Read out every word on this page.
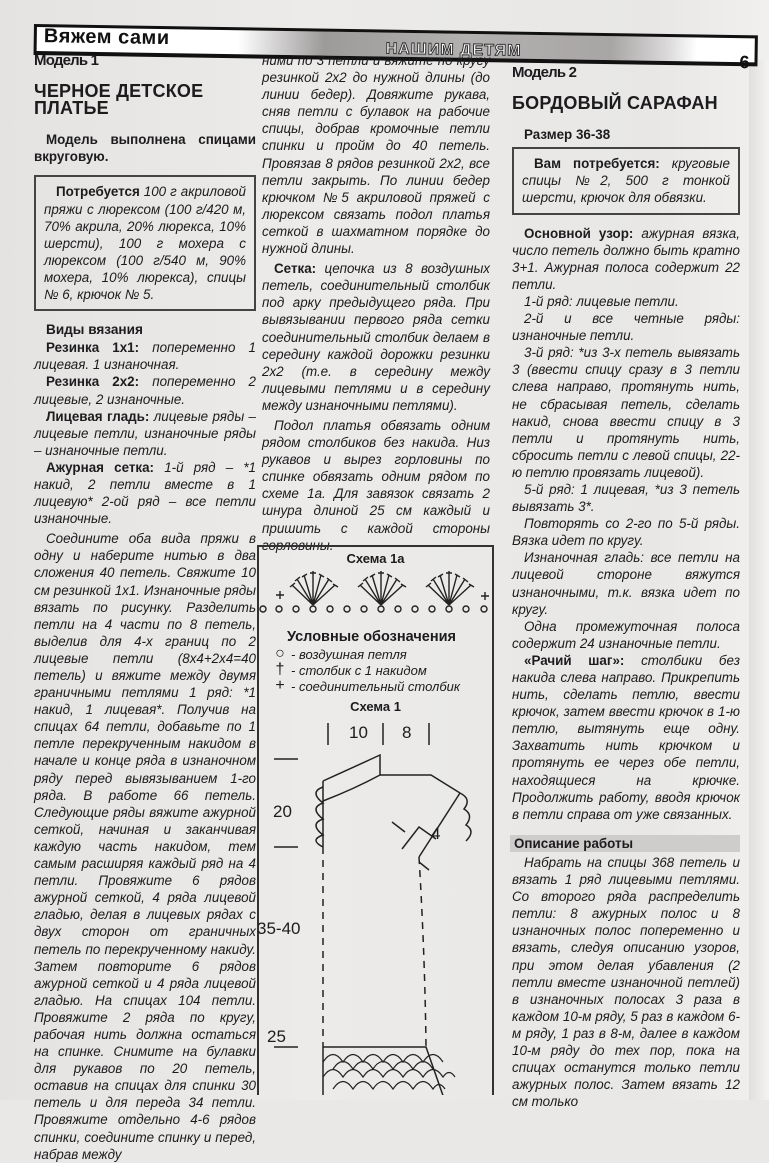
Вяжем сами
НАШИМ ДЕТЯМ
6
Модель 1
ЧЕРНОЕ ДЕТСКОЕ ПЛАТЬЕ

Модель выполнена спицами вкруговую.

Потребуется 100 г акриловой пряжи с люрексом (100 г/420 м, 70% акрила, 20% люрекса, 10% шерсти), 100 г мохера с люрексом (100 г/540 м, 90% мохера, 10% люрекса), спицы № 6, крючок № 5.

Виды вязания

Резинка 1х1: попеременно 1 лицевая. 1 изнаночная.

Резинка 2х2: попеременно 2 лицевые, 2 изнаночные.

Лицевая гладь: лицевые ряды – лицевые петли, изнаночные ряды – изнаночные петли.

Ажурная сетка: 1-й ряд – *1 накид, 2 петли вместе в 1 лицевую* 2-ой ряд – все петли изнаночные.

Соедините оба вида пряжи в одну и наберите нитью в два сложения 40 петель. Свяжите 10 см резинкой 1х1. Изнаночные ряды вязать по рисунку. Разделить петли на 4 части по 8 петель, выделив для 4-х границ по 2 лицевые петли (8х4+2х4=40 петель) и вяжите между двумя граничными петлями 1 ряд: *1 накид, 1 лицевая*. Получив на спицах 64 петли, добавьте по 1 петле перекрученным накидом в начале и конце ряда в изнаночном ряду перед вывязыванием 1-го ряда. В работе 66 петель. Следующие ряды вяжите ажурной сеткой, начиная и заканчивая каждую часть накидом, тем самым расширяя каждый ряд на 4 петли. Провяжите 6 рядов ажурной сеткой, 4 ряда лицевой гладью, делая в лицевых рядах с двух сторон от граничных петель по перекрученному накиду. Затем повторите 6 рядов ажурной сеткой и 4 ряда лицевой гладью. На спицах 104 петли. Провяжите 2 ряда по кругу, рабочая нить должна остаться на спинке. Снимите на булавки для рукавов по 20 петель, оставив на спицах для спинки 30 петель и для переда 34 петли. Провяжите отдельно 4-6 рядов спинки, соедините спинку и перед, набрав между

ними по 3 петли и вяжите по кругу резинкой 2х2 до нужной длины (до линии бедер). Довяжите рукава, сняв петли с булавок на рабочие спицы, добрав кромочные петли спинки и пройм до 40 петель. Провязав 8 рядов резинкой 2х2, все петли закрыть. По линии бедер крючком №5 акриловой пряжей с люрексом связать подол платья сеткой в шахматном порядке до нужной длины.

Сетка: цепочка из 8 воздушных петель, соединительный столбик под арку предыдущего ряда. При вывязывании первого ряда сетки соединительный столбик делаем в середину каждой дорожки резинки 2х2 (т.е. в середину между лицевыми петлями и в середину между изнаночными петлями).

Подол платья обвязать одним рядом столбиков без накида. Низ рукавов и вырез горловины по спинке обвязать одним рядом по схеме 1а. Для завязок связать 2 шнура длиной 25 см каждый и пришить с каждой стороны горловины.

Схема 1а
Условные обозначения
○ - воздушная петля
† - столбик с 1 накидом
+ - соединительный столбик
Схема 1
10 8
20
4
35-40
25
Модель 2
БОРДОВЫЙ САРАФАН
Размер 36-38

Вам потребуется: круговые спицы №2, 500 г тонкой шерсти, крючок для обвязки.

Основной узор: ажурная вязка, число петель должно быть кратно 3+1. Ажурная полоса содержит 22 петли.

1-й ряд: лицевые петли.

2-й и все четные ряды: изнаночные петли.

3-й ряд: *из 3-х петель вывязать 3 (ввести спицу сразу в 3 петли слева направо, протянуть нить, не сбрасывая петель, сделать накид, снова ввести спицу в 3 петли и протянуть нить, сбросить петли с левой спицы, 22-ю петлю провязать лицевой).

5-й ряд: 1 лицевая, *из 3 петель вывязать 3*.

Повторять со 2-го по 5-й ряды. Вязка идет по кругу.

Изнаночная гладь: все петли на лицевой стороне вяжутся изнаночными, т.к. вязка идет по кругу.

Одна промежуточная полоса содержит 24 изнаночные петли.

«Рачий шаг»: столбики без накида слева направо. Прикрепить нить, сделать петлю, ввести крючок, затем ввести крючок в 1-ю петлю, вытянуть еще одну. Захватить нить крючком и протянуть ее через обе петли, находящиеся на крючке. Продолжить работу, вводя крючок в петли справа от уже связанных.

Описание работы

Набрать на спицы 368 петель и вязать 1 ряд лицевыми петлями. Со второго ряда распределить петли: 8 ажурных полос и 8 изнаночных полос попеременно и вязать, следуя описанию узоров, при этом делая убавления (2 петли вместе изнаночной петлей) в изнаночных полосах 3 раза в каждом 10-м ряду, 5 раз в каждом 6-м ряду, 1 раз в 8-м, далее в каждом 10-м ряду до тех пор, пока на спицах останутся только петли ажурных полос. Затем вязать 12 см только
